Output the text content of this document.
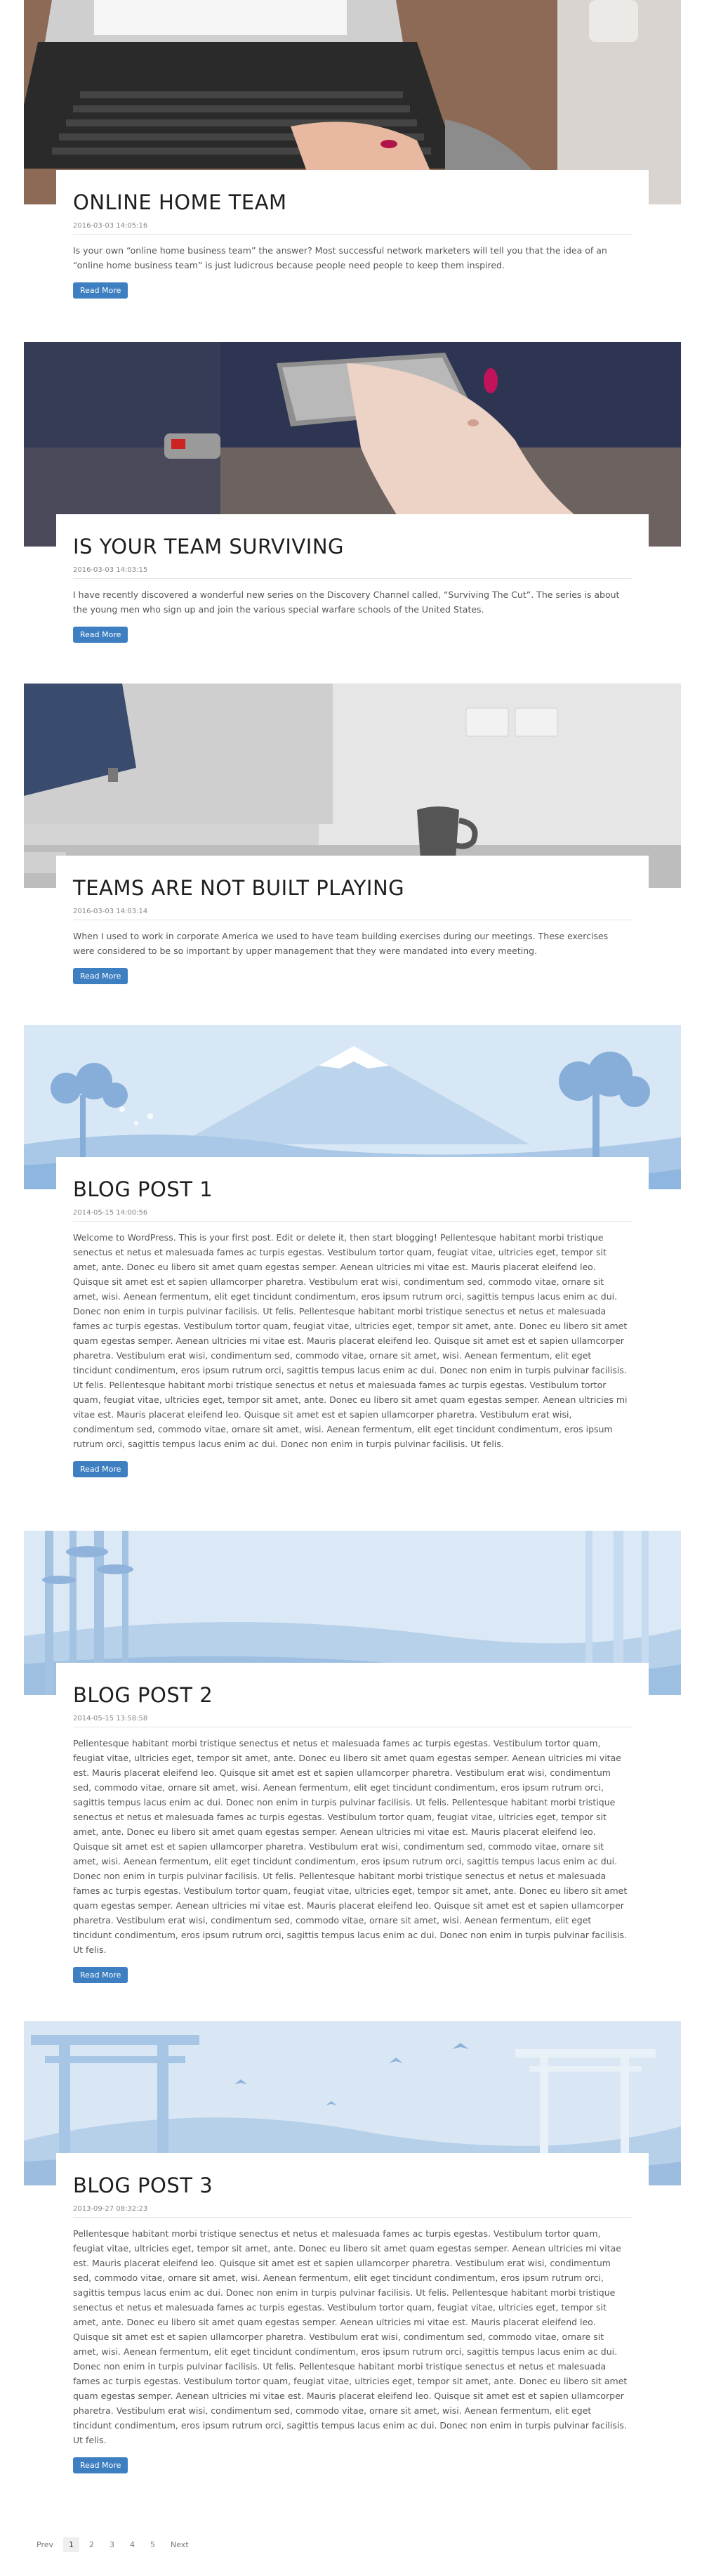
ONLINE HOME TEAM
2016-03-03 14:05:16

Is your own “online home business team” the answer? Most successful network marketers will tell you that the idea of an “online home business team” is just ludicrous because people need people to keep them inspired.

Read More
IS YOUR TEAM SURVIVING
2016-03-03 14:03:15

I have recently discovered a wonderful new series on the Discovery Channel called, “Surviving The Cut”. The series is about the young men who sign up and join the various special warfare schools of the United States.

Read More
TEAMS ARE NOT BUILT PLAYING
2016-03-03 14:03:14

When I used to work in corporate America we used to have team building exercises during our meetings. These exercises were considered to be so important by upper management that they were mandated into every meeting.

Read More
BLOG POST 1
2014-05-15 14:00:56

Welcome to WordPress. This is your first post. Edit or delete it, then start blogging! Pellentesque habitant morbi tristique senectus et netus et malesuada fames ac turpis egestas. Vestibulum tortor quam, feugiat vitae, ultricies eget, tempor sit amet, ante. Donec eu libero sit amet quam egestas semper. Aenean ultricies mi vitae est. Mauris placerat eleifend leo. Quisque sit amet est et sapien ullamcorper pharetra. Vestibulum erat wisi, condimentum sed, commodo vitae, ornare sit amet, wisi. Aenean fermentum, elit eget tincidunt condimentum, eros ipsum rutrum orci, sagittis tempus lacus enim ac dui. Donec non enim in turpis pulvinar facilisis. Ut felis. Pellentesque habitant morbi tristique senectus et netus et malesuada fames ac turpis egestas. Vestibulum tortor quam, feugiat vitae, ultricies eget, tempor sit amet, ante. Donec eu libero sit amet quam egestas semper. Aenean ultricies mi vitae est. Mauris placerat eleifend leo. Quisque sit amet est et sapien ullamcorper pharetra. Vestibulum erat wisi, condimentum sed, commodo vitae, ornare sit amet, wisi. Aenean fermentum, elit eget tincidunt condimentum, eros ipsum rutrum orci, sagittis tempus lacus enim ac dui. Donec non enim in turpis pulvinar facilisis. Ut felis. Pellentesque habitant morbi tristique senectus et netus et malesuada fames ac turpis egestas. Vestibulum tortor quam, feugiat vitae, ultricies eget, tempor sit amet, ante. Donec eu libero sit amet quam egestas semper. Aenean ultricies mi vitae est. Mauris placerat eleifend leo. Quisque sit amet est et sapien ullamcorper pharetra. Vestibulum erat wisi, condimentum sed, commodo vitae, ornare sit amet, wisi. Aenean fermentum, elit eget tincidunt condimentum, eros ipsum rutrum orci, sagittis tempus lacus enim ac dui. Donec non enim in turpis pulvinar facilisis. Ut felis.

Read More
BLOG POST 2
2014-05-15 13:58:58

Pellentesque habitant morbi tristique senectus et netus et malesuada fames ac turpis egestas. Vestibulum tortor quam, feugiat vitae, ultricies eget, tempor sit amet, ante. Donec eu libero sit amet quam egestas semper. Aenean ultricies mi vitae est. Mauris placerat eleifend leo. Quisque sit amet est et sapien ullamcorper pharetra. Vestibulum erat wisi, condimentum sed, commodo vitae, ornare sit amet, wisi. Aenean fermentum, elit eget tincidunt condimentum, eros ipsum rutrum orci, sagittis tempus lacus enim ac dui. Donec non enim in turpis pulvinar facilisis. Ut felis. Pellentesque habitant morbi tristique senectus et netus et malesuada fames ac turpis egestas. Vestibulum tortor quam, feugiat vitae, ultricies eget, tempor sit amet, ante. Donec eu libero sit amet quam egestas semper. Aenean ultricies mi vitae est. Mauris placerat eleifend leo. Quisque sit amet est et sapien ullamcorper pharetra. Vestibulum erat wisi, condimentum sed, commodo vitae, ornare sit amet, wisi. Aenean fermentum, elit eget tincidunt condimentum, eros ipsum rutrum orci, sagittis tempus lacus enim ac dui. Donec non enim in turpis pulvinar facilisis. Ut felis. Pellentesque habitant morbi tristique senectus et netus et malesuada fames ac turpis egestas. Vestibulum tortor quam, feugiat vitae, ultricies eget, tempor sit amet, ante. Donec eu libero sit amet quam egestas semper. Aenean ultricies mi vitae est. Mauris placerat eleifend leo. Quisque sit amet est et sapien ullamcorper pharetra. Vestibulum erat wisi, condimentum sed, commodo vitae, ornare sit amet, wisi. Aenean fermentum, elit eget tincidunt condimentum, eros ipsum rutrum orci, sagittis tempus lacus enim ac dui. Donec non enim in turpis pulvinar facilisis. Ut felis.

Read More
BLOG POST 3
2013-09-27 08:32:23

Pellentesque habitant morbi tristique senectus et netus et malesuada fames ac turpis egestas. Vestibulum tortor quam, feugiat vitae, ultricies eget, tempor sit amet, ante. Donec eu libero sit amet quam egestas semper. Aenean ultricies mi vitae est. Mauris placerat eleifend leo. Quisque sit amet est et sapien ullamcorper pharetra. Vestibulum erat wisi, condimentum sed, commodo vitae, ornare sit amet, wisi. Aenean fermentum, elit eget tincidunt condimentum, eros ipsum rutrum orci, sagittis tempus lacus enim ac dui. Donec non enim in turpis pulvinar facilisis. Ut felis. Pellentesque habitant morbi tristique senectus et netus et malesuada fames ac turpis egestas. Vestibulum tortor quam, feugiat vitae, ultricies eget, tempor sit amet, ante. Donec eu libero sit amet quam egestas semper. Aenean ultricies mi vitae est. Mauris placerat eleifend leo. Quisque sit amet est et sapien ullamcorper pharetra. Vestibulum erat wisi, condimentum sed, commodo vitae, ornare sit amet, wisi. Aenean fermentum, elit eget tincidunt condimentum, eros ipsum rutrum orci, sagittis tempus lacus enim ac dui. Donec non enim in turpis pulvinar facilisis. Ut felis. Pellentesque habitant morbi tristique senectus et netus et malesuada fames ac turpis egestas. Vestibulum tortor quam, feugiat vitae, ultricies eget, tempor sit amet, ante. Donec eu libero sit amet quam egestas semper. Aenean ultricies mi vitae est. Mauris placerat eleifend leo. Quisque sit amet est et sapien ullamcorper pharetra. Vestibulum erat wisi, condimentum sed, commodo vitae, ornare sit amet, wisi. Aenean fermentum, elit eget tincidunt condimentum, eros ipsum rutrum orci, sagittis tempus lacus enim ac dui. Donec non enim in turpis pulvinar facilisis. Ut felis.

Read More
Prev	1	2	3	4	5	Next
